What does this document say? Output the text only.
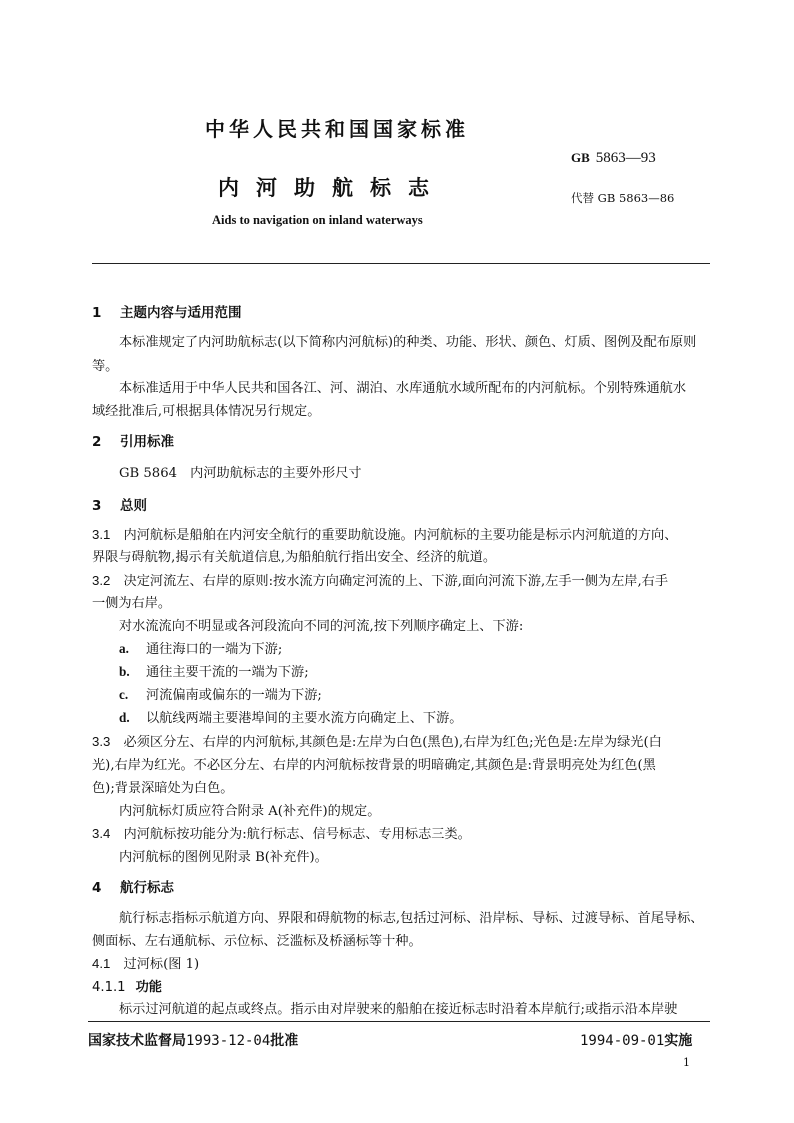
中华人民共和国国家标准
内河助航标志
Aids to navigation on inland waterways
GB 5863—93
代替 GB 5863—86
1 主题内容与适用范围
本标准规定了内河助航标志(以下简称内河航标)的种类、功能、形状、颜色、灯质、图例及配布原则
等。
本标准适用于中华人民共和国各江、河、湖泊、水库通航水域所配布的内河航标。个别特殊通航水
域经批准后,可根据具体情况另行规定。
2 引用标准
GB 5864　内河助航标志的主要外形尺寸
3 总则
3.1　 内河航标是船舶在内河安全航行的重要助航设施。内河航标的主要功能是标示内河航道的方向、
界限与碍航物,揭示有关航道信息,为船舶航行指出安全、经济的航道。
3.2　 决定河流左、右岸的原则:按水流方向确定河流的上、下游,面向河流下游,左手一侧为左岸,右手
一侧为右岸。
对水流流向不明显或各河段流向不同的河流,按下列顺序确定上、下游:
a. 通往海口的一端为下游;
b. 通往主要干流的一端为下游;
c. 河流偏南或偏东的一端为下游;
d. 以航线两端主要港埠间的主要水流方向确定上、下游。
3.3　 必须区分左、右岸的内河航标,其颜色是:左岸为白色(黑色),右岸为红色;光色是:左岸为绿光(白
光),右岸为红光。不必区分左、右岸的内河航标按背景的明暗确定,其颜色是:背景明亮处为红色(黑
色);背景深暗处为白色。
内河航标灯质应符合附录 A(补充件)的规定。
3.4　 内河航标按功能分为:航行标志、信号标志、专用标志三类。
内河航标的图例见附录 B(补充件)。
4 航行标志
航行标志指标示航道方向、界限和碍航物的标志,包括过河标、沿岸标、导标、过渡导标、首尾导标、
侧面标、左右通航标、示位标、泛滥标及桥涵标等十种。
4.1　 过河标(图 1)
4.1.1 功能
标示过河航道的起点或终点。指示由对岸驶来的船舶在接近标志时沿着本岸航行;或指示沿本岸驶
国家技术监督局1993-12-04批准	1994-09-01实施
1
